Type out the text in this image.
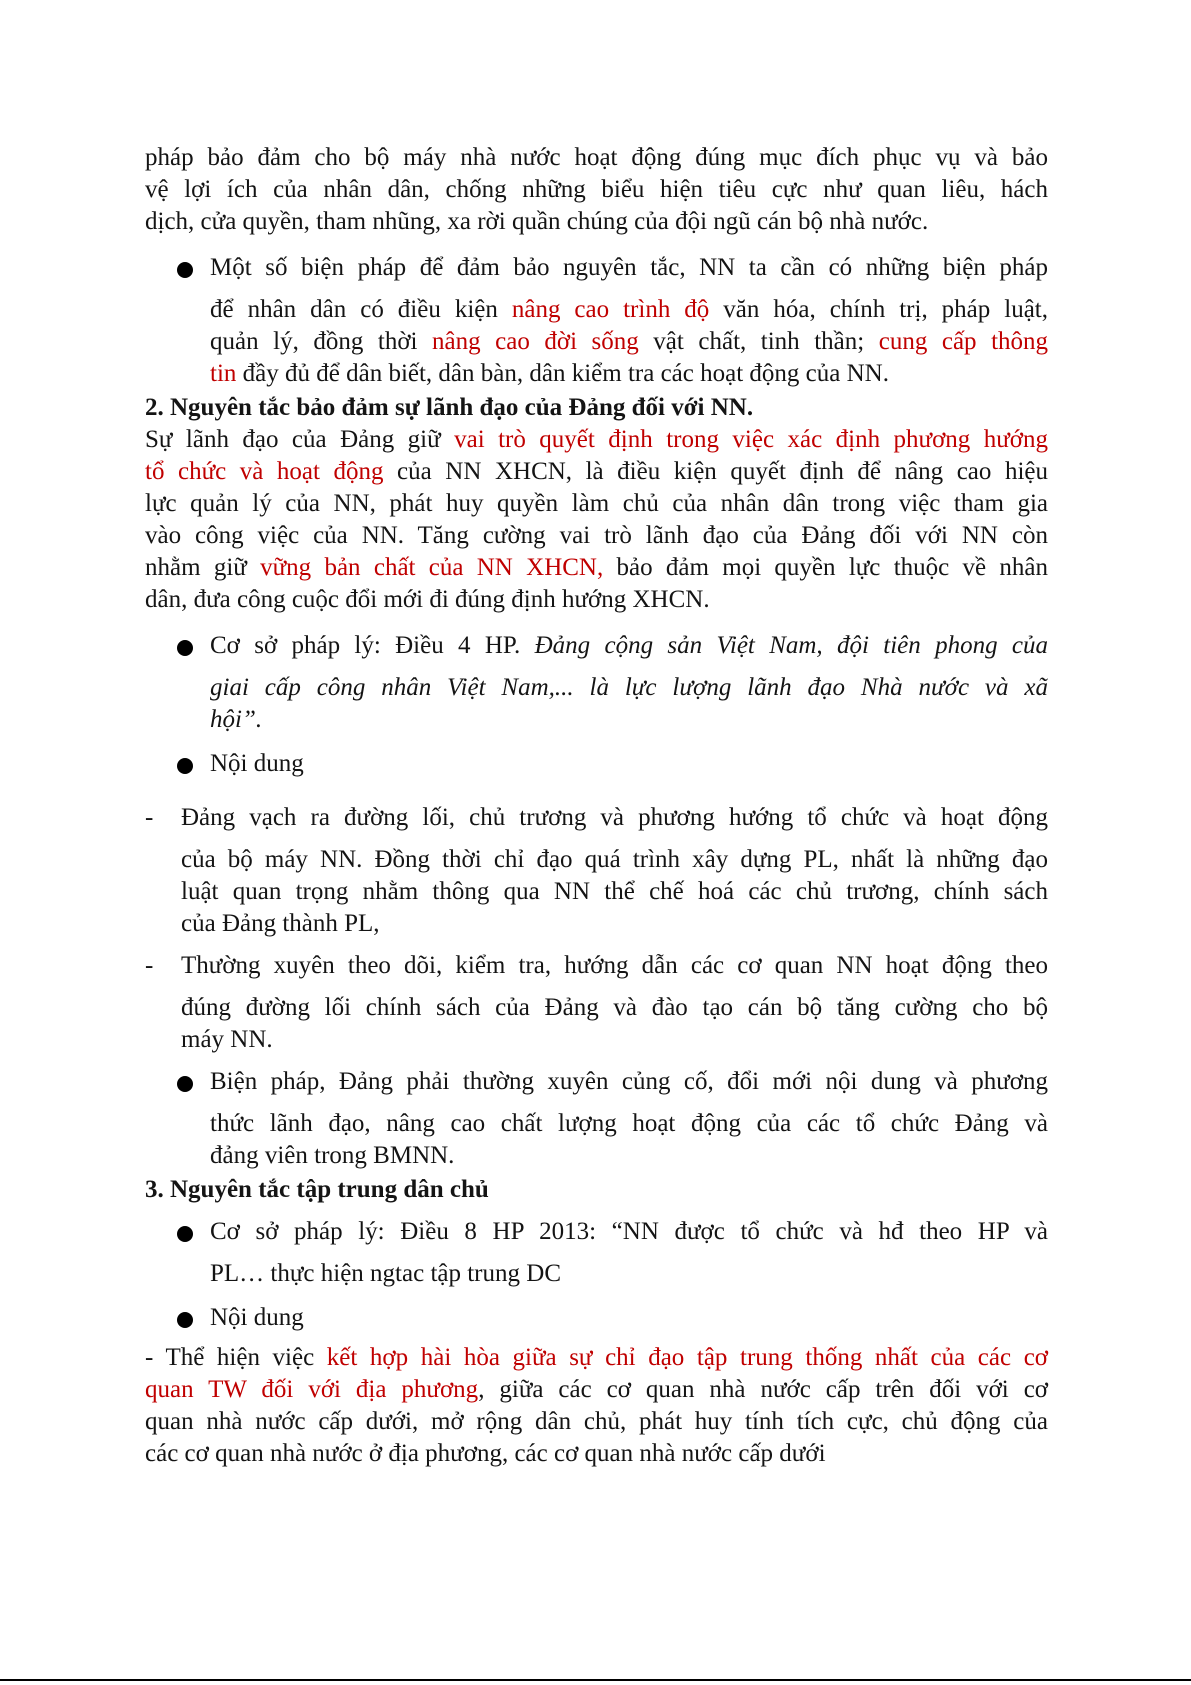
pháp bảo đảm cho bộ máy nhà nước hoạt động đúng mục đích phục vụ và bảo

vệ lợi ích của nhân dân, chống những biểu hiện tiêu cực như quan liêu, hách

dịch, cửa quyền, tham nhũng, xa rời quần chúng của đội ngũ cán bộ nhà nước.

Một số biện pháp để đảm bảo nguyên tắc, NN ta cần có những biện pháp

để nhân dân có điều kiện nâng cao trình độ văn hóa, chính trị, pháp luật,

quản lý, đồng thời nâng cao đời sống vật chất, tinh thần; cung cấp thông

tin đầy đủ để dân biết, dân bàn, dân kiểm tra các hoạt động của NN.

2. Nguyên tắc bảo đảm sự lãnh đạo của Đảng đối với NN.

Sự lãnh đạo của Đảng giữ vai trò quyết định trong việc xác định phương hướng

tổ chức và hoạt động của NN XHCN, là điều kiện quyết định để nâng cao hiệu

lực quản lý của NN, phát huy quyền làm chủ của nhân dân trong việc tham gia

vào công việc của NN. Tăng cường vai trò lãnh đạo của Đảng đối với NN còn

nhằm giữ vững bản chất của NN XHCN, bảo đảm mọi quyền lực thuộc về nhân

dân, đưa công cuộc đổi mới đi đúng định hướng XHCN.

Cơ sở pháp lý: Điều 4 HP. Đảng cộng sản Việt Nam, đội tiên phong của

giai cấp công nhân Việt Nam,... là lực lượng lãnh đạo Nhà nước và xã

hội”.

Nội dung

- Đảng vạch ra đường lối, chủ trương và phương hướng tổ chức và hoạt động

của bộ máy NN. Đồng thời chỉ đạo quá trình xây dựng PL, nhất là những đạo

luật quan trọng nhằm thông qua NN thể chế hoá các chủ trương, chính sách

của Đảng thành PL,

- Thường xuyên theo dõi, kiểm tra, hướng dẫn các cơ quan NN hoạt động theo

đúng đường lối chính sách của Đảng và đào tạo cán bộ tăng cường cho bộ

máy NN.

Biện pháp, Đảng phải thường xuyên củng cố, đổi mới nội dung và phương

thức lãnh đạo, nâng cao chất lượng hoạt động của các tổ chức Đảng và

đảng viên trong BMNN.

3. Nguyên tắc tập trung dân chủ

Cơ sở pháp lý: Điều 8 HP 2013: “NN được tổ chức và hđ theo HP và

PL… thực hiện ngtac tập trung DC

Nội dung

- Thể hiện việc kết hợp hài hòa giữa sự chỉ đạo tập trung thống nhất của các cơ

quan TW đối với địa phương, giữa các cơ quan nhà nước cấp trên đối với cơ

quan nhà nước cấp dưới, mở rộng dân chủ, phát huy tính tích cực, chủ động của

các cơ quan nhà nước ở địa phương, các cơ quan nhà nước cấp dưới
